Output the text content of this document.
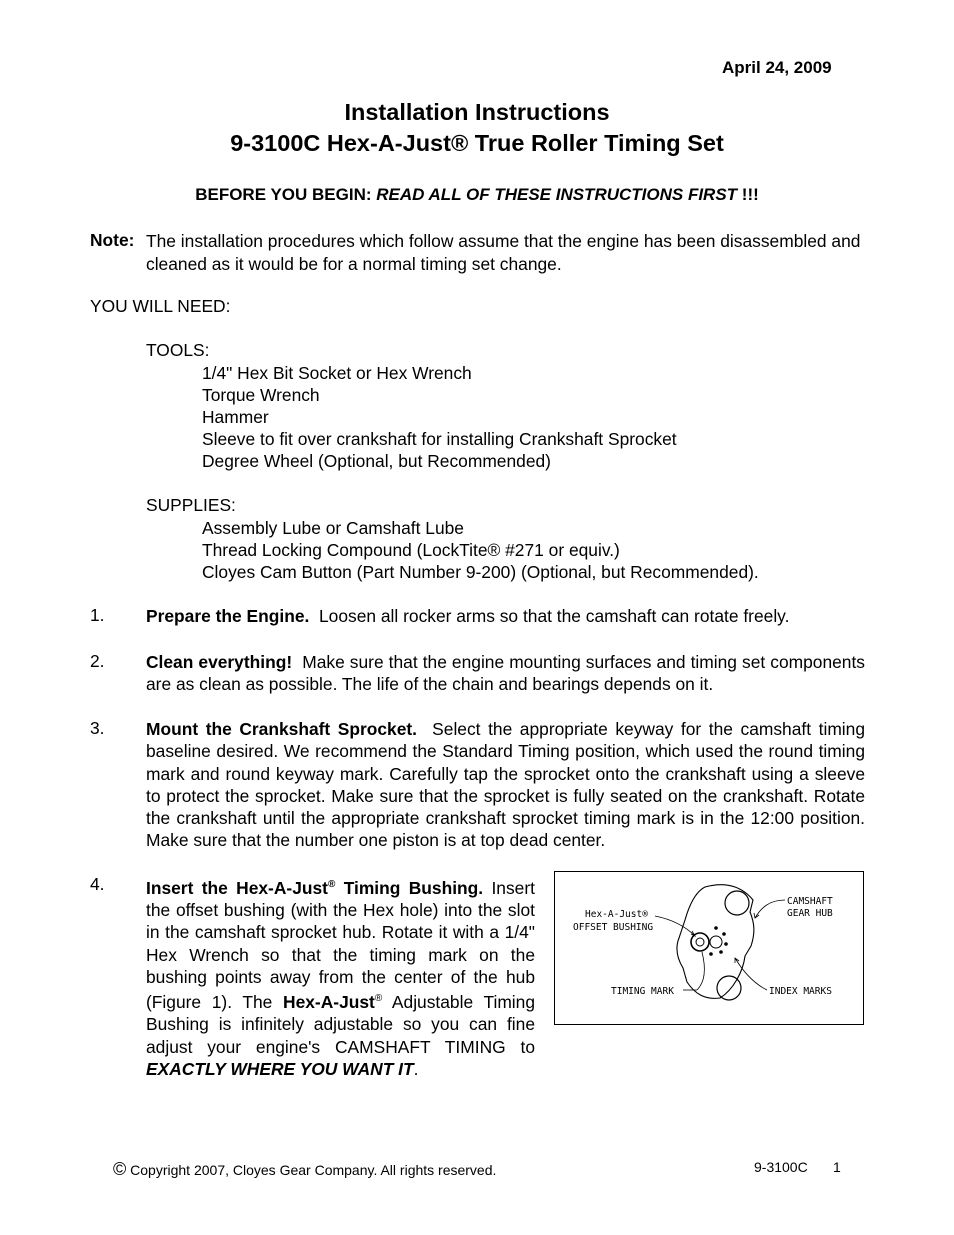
April 24, 2009
Installation Instructions
9-3100C Hex-A-Just® True Roller Timing Set
BEFORE YOU BEGIN: READ ALL OF THESE INSTRUCTIONS FIRST !!!
Note: The installation procedures which follow assume that the engine has been disassembled and cleaned as it would be for a normal timing set change.
YOU WILL NEED:
TOOLS:
1/4" Hex Bit Socket or Hex Wrench
Torque Wrench
Hammer
Sleeve to fit over crankshaft for installing Crankshaft Sprocket
Degree Wheel (Optional, but Recommended)
SUPPLIES:
Assembly Lube or Camshaft Lube
Thread Locking Compound (LockTite® #271 or equiv.)
Cloyes Cam Button (Part Number 9-200) (Optional, but Recommended).
1. Prepare the Engine. Loosen all rocker arms so that the camshaft can rotate freely.
2. Clean everything! Make sure that the engine mounting surfaces and timing set components are as clean as possible. The life of the chain and bearings depends on it.
3. Mount the Crankshaft Sprocket. Select the appropriate keyway for the camshaft timing baseline desired. We recommend the Standard Timing position, which used the round timing mark and round keyway mark. Carefully tap the sprocket onto the crankshaft using a sleeve to protect the sprocket. Make sure that the sprocket is fully seated on the crankshaft. Rotate the crankshaft until the appropriate crankshaft sprocket timing mark is in the 12:00 position. Make sure that the number one piston is at top dead center.
4. Insert the Hex-A-Just® Timing Bushing. Insert the offset bushing (with the Hex hole) into the slot in the camshaft sprocket hub. Rotate it with a 1/4" Hex Wrench so that the timing mark on the bushing points away from the center of the hub (Figure 1). The Hex-A-Just® Adjustable Timing Bushing is infinitely adjustable so you can fine adjust your engine's CAMSHAFT TIMING to EXACTLY WHERE YOU WANT IT.
Hex-A-Just®
OFFSET BUSHING
CAMSHAFT
GEAR HUB
TIMING MARK	INDEX MARKS
© Copyright 2007, Cloyes Gear Company. All rights reserved.	9-3100C 1
